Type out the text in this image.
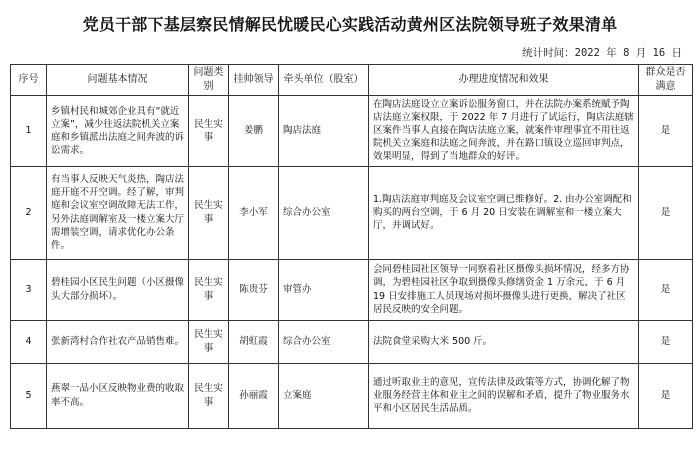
党员干部下基层察民情解民忧暖民心实践活动黄州区法院领导班子效果清单
统计时间：2022 年 8 月 16 日
序号	问题基本情况	问题类别	挂帅领导	牵头单位（股室）	办理进度情况和效果	群众是否满意
1	乡镇村民和城郊企业具有“就近立案”，减少往返法院机关立案庭和乡镇派出法庭之间奔波的诉讼需求。	民生实事	姜鹏	陶店法庭	在陶店法庭设立立案诉讼服务窗口，并在法院办案系统赋予陶店法庭立案权限，于 2022 年 7 月进行了试运行，陶店法庭辖区案件当事人直接在陶店法庭立案，就案件审理事宜不用往返院机关立案庭和法庭之间奔波，并在路口镇设立巡回审判点，效果明显，得到了当地群众的好评。	是
2	有当事人反映天气炎热，陶店法庭开庭不开空调。经了解，审判庭和会议室空调故障无法工作，另外法庭调解室及一楼立案大厅需增装空调，请求优化办公条件。	民生实事	李小军	综合办公室	1.陶店法庭审判庭及会议室空调已维修好。2. 由办公室调配和购买的两台空调，于 6 月 20 日安装在调解室和一楼立案大厅，并调试好。	是
3	碧桂园小区民生问题（小区摄像头大部分损坏）。	民生实事	陈贵芬	审管办	会同碧桂园社区领导一同察看社区摄像头损坏情况，经多方协调，为碧桂园社区争取到摄像头修缮资金 1 万余元，于 6 月 19 日安排施工人员现场对损坏摄像头进行更换，解决了社区居民反映的安全问题。	是
4	张新湾村合作社农产品销售难。	民生实事	胡虹霞	综合办公室	法院食堂采购大米 500 斤。	是
5	燕翠一品小区反映物业费的收取率不高。	民生实事	孙丽霞	立案庭	通过听取业主的意见，宣传法律及政策等方式，协调化解了物业服务经营主体和业主之间的误解和矛盾，提升了物业服务水平和小区居民生活品质。	是
